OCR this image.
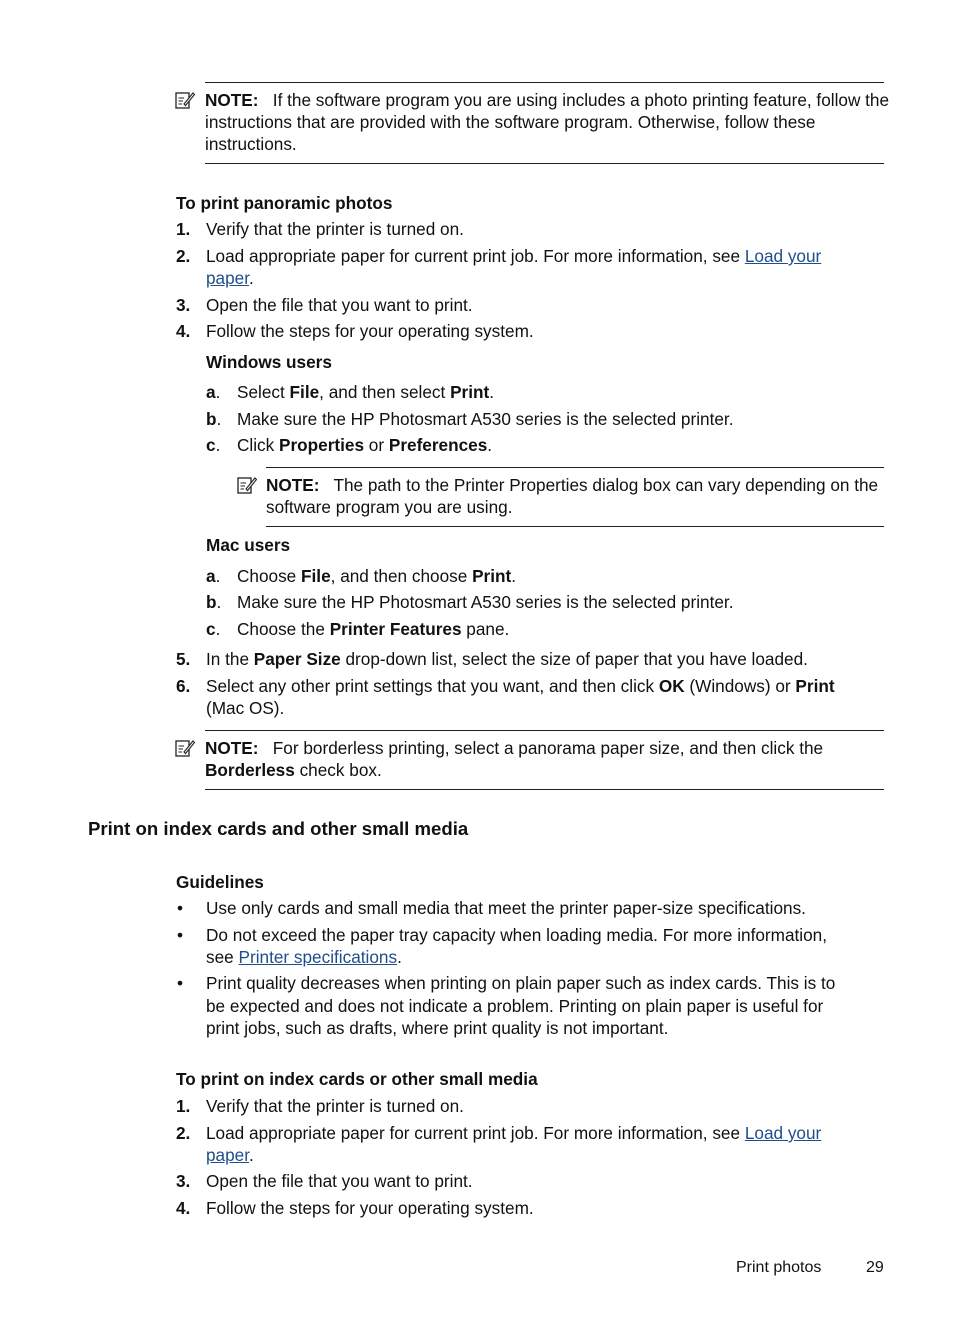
NOTE: If the software program you are using includes a photo printing feature, follow the instructions that are provided with the software program. Otherwise, follow these instructions.
To print panoramic photos
1. Verify that the printer is turned on.
2. Load appropriate paper for current print job. For more information, see Load your
paper.
3. Open the file that you want to print.
4. Follow the steps for your operating system.
Windows users
a. Select File, and then select Print.
b. Make sure the HP Photosmart A530 series is the selected printer.
c. Click Properties or Preferences.
NOTE: The path to the Printer Properties dialog box can vary depending on the software program you are using.
Mac users
a. Choose File, and then choose Print.
b. Make sure the HP Photosmart A530 series is the selected printer.
c. Choose the Printer Features pane.
5. In the Paper Size drop-down list, select the size of paper that you have loaded.
6. Select any other print settings that you want, and then click OK (Windows) or Print
(Mac OS).
NOTE: For borderless printing, select a panorama paper size, and then click the
Borderless check box.
Print on index cards and other small media
Guidelines
• Use only cards and small media that meet the printer paper-size specifications.
• Do not exceed the paper tray capacity when loading media. For more information,
see Printer specifications.
• Print quality decreases when printing on plain paper such as index cards. This is to
be expected and does not indicate a problem. Printing on plain paper is useful for
print jobs, such as drafts, where print quality is not important.
To print on index cards or other small media
1. Verify that the printer is turned on.
2. Load appropriate paper for current print job. For more information, see Load your
paper.
3. Open the file that you want to print.
4. Follow the steps for your operating system.
Print photos	29
